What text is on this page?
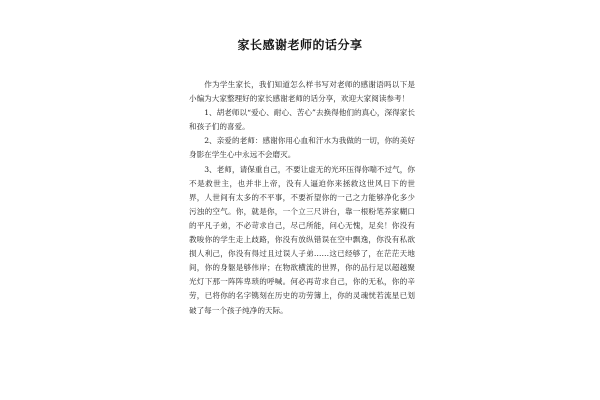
家长感谢老师的话分享

作为学生家长，我们知道怎么样书写对老师的感谢语吗以下是小编为大家整理好的家长感谢老师的话分享，欢迎大家阅读参考！

1、胡老师以“爱心、耐心、苦心”去换得他们的真心，深得家长和孩子们的喜爱。

2、亲爱的老师：感谢你用心血和汗水为我做的一切，你的美好身影在学生心中永远不会磨灭。

3、老师，请保重自己，不要让虚无的光环压得你喘不过气，你不是救世主，也并非上帝，没有人逼迫你来拯救这世风日下的世界，人世间有太多的不平事，不要祈望你的一己之力能够净化多少污浊的空气。你，就是你，一个立三尺讲台，靠一根粉笔养家糊口的平凡子弟，不必苛求自己，尽己所能，问心无愧，足矣！你没有教唆你的学生走上歧路，你没有放纵错误在空中飘逸，你没有私欲损人利己，你没有得过且过误人子弟……这已经够了，在茫茫天地间，你的身躯是够伟岸；在物欲横流的世界，你的品行足以超越聚光灯下那一阵阵卑琐的呼喊。何必再苛求自己，你的无私，你的辛劳，已将你的名字镌刻在历史的功劳簿上，你的灵魂恍若流星已划破了每一个孩子纯净的天际。
